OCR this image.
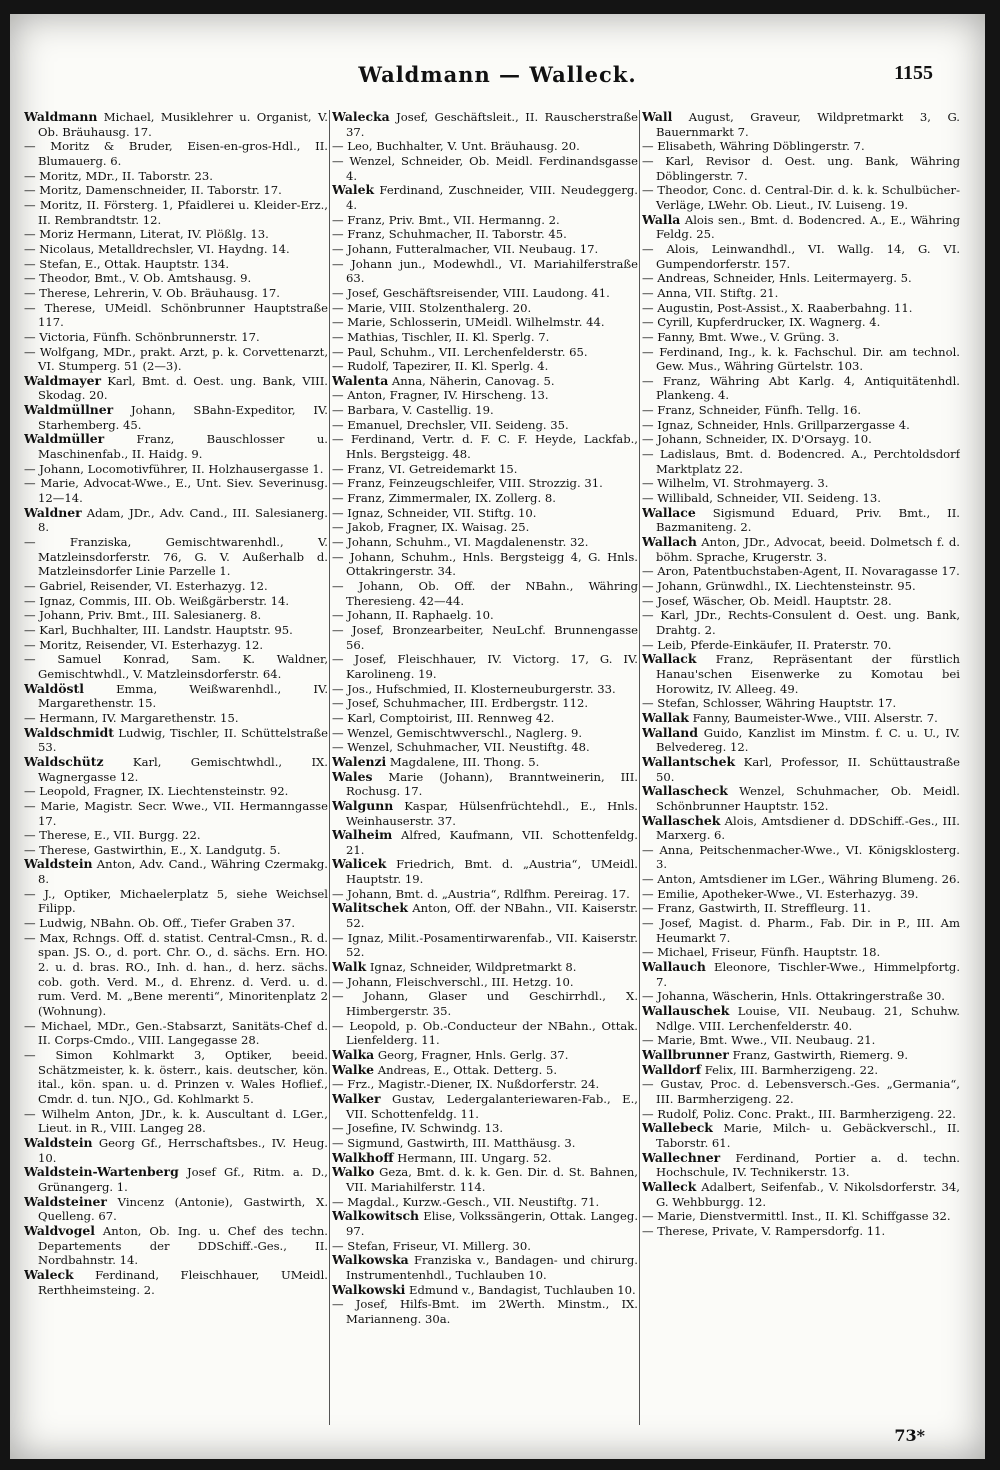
Waldmann — Walleck.	1155

Waldmann Michael, Musiklehrer u. Organist, V. Ob. Bräuhausg. 17.

— Moritz & Bruder, Eisen-en-gros-Hdl., II. Blumauerg. 6.

— Moritz, MDr., II. Taborstr. 23.

— Moritz, Damenschneider, II. Taborstr. 17.

— Moritz, II. Försterg. 1, Pfaidlerei u. Kleider-Erz., II. Rembrandtstr. 12.

— Moriz Hermann, Literat, IV. Plößlg. 13.

— Nicolaus, Metalldrechsler, VI. Haydng. 14.

— Stefan, E., Ottak. Hauptstr. 134.

— Theodor, Bmt., V. Ob. Amtshausg. 9.

— Therese, Lehrerin, V. Ob. Bräuhausg. 17.

— Therese, UMeidl. Schönbrunner Hauptstraße 117.

— Victoria, Fünfh. Schönbrunnerstr. 17.

— Wolfgang, MDr., prakt. Arzt, p. k. Corvettenarzt, VI. Stumperg. 51 (2—3).

Waldmayer Karl, Bmt. d. Oest. ung. Bank, VIII. Skodag. 20.

Waldmüllner Johann, SBahn-Expeditor, IV. Starhemberg. 45.

Waldmüller Franz, Bauschlosser u. Maschinenfab., II. Haidg. 9.

— Johann, Locomotivführer, II. Holzhausergasse 1.

— Marie, Advocat-Wwe., E., Unt. Siev. Severinusg. 12—14.

Waldner Adam, JDr., Adv. Cand., III. Salesianerg. 8.

— Franziska, Gemischtwarenhdl., V. Matzleinsdorferstr. 76, G. V. Außerhalb d. Matzleinsdorfer Linie Parzelle 1.

— Gabriel, Reisender, VI. Esterhazyg. 12.

— Ignaz, Commis, III. Ob. Weißgärberstr. 14.

— Johann, Priv. Bmt., III. Salesianerg. 8.

— Karl, Buchhalter, III. Landstr. Hauptstr. 95.

— Moritz, Reisender, VI. Esterhazyg. 12.

— Samuel Konrad, Sam. K. Waldner, Gemischtwhdl., V. Matzleinsdorferstr. 64.

Waldöstl Emma, Weißwarenhdl., IV. Margarethenstr. 15.

— Hermann, IV. Margarethenstr. 15.

Waldschmidt Ludwig, Tischler, II. Schüttelstraße 53.

Waldschütz Karl, Gemischtwhdl., IX. Wagnergasse 12.

— Leopold, Fragner, IX. Liechtensteinstr. 92.

— Marie, Magistr. Secr. Wwe., VII. Hermanngasse 17.

— Therese, E., VII. Burgg. 22.

— Therese, Gastwirthin, E., X. Landgutg. 5.

Waldstein Anton, Adv. Cand., Währing Czermakg. 8.

— J., Optiker, Michaelerplatz 5, siehe Weichsel Filipp.

— Ludwig, NBahn. Ob. Off., Tiefer Graben 37.

— Max, Rchngs. Off. d. statist. Central-Cmsn., R. d. span. JS. O., d. port. Chr. O., d. sächs. Ern. HO. 2. u. d. bras. RO., Inh. d. han., d. herz. sächs. cob. goth. Verd. M., d. Ehrenz. d. Verd. u. d. rum. Verd. M. „Bene merenti“, Minoritenplatz 2 (Wohnung).

— Michael, MDr., Gen.-Stabsarzt, Sanitäts-Chef d. II. Corps-Cmdo., VIII. Langegasse 28.

— Simon Kohlmarkt 3, Optiker, beeid. Schätzmeister, k. k. österr., kais. deutscher, kön. ital., kön. span. u. d. Prinzen v. Wales Hoflief., Cmdr. d. tun. NJO., Gd. Kohlmarkt 5.

— Wilhelm Anton, JDr., k. k. Auscultant d. LGer., Lieut. in R., VIII. Langeg 28.

Waldstein Georg Gf., Herrschaftsbes., IV. Heug. 10.

Waldstein-Wartenberg Josef Gf., Ritm. a. D., Grünangerg. 1.

Waldsteiner Vincenz (Antonie), Gastwirth, X. Quelleng. 67.

Waldvogel Anton, Ob. Ing. u. Chef des techn. Departements der DDSchiff.-Ges., II. Nordbahnstr. 14.

Waleck Ferdinand, Fleischhauer, UMeidl. Rerthheimsteing. 2.

Walecka Josef, Geschäftsleit., II. Rauscherstraße 37.

— Leo, Buchhalter, V. Unt. Bräuhausg. 20.

— Wenzel, Schneider, Ob. Meidl. Ferdinandsgasse 4.

Walek Ferdinand, Zuschneider, VIII. Neudeggerg. 4.

— Franz, Priv. Bmt., VII. Hermanng. 2.

— Franz, Schuhmacher, II. Taborstr. 45.

— Johann, Futteralmacher, VII. Neubaug. 17.

— Johann jun., Modewhdl., VI. Mariahilferstraße 63.

— Josef, Geschäftsreisender, VIII. Laudong. 41.

— Marie, VIII. Stolzenthalerg. 20.

— Marie, Schlosserin, UMeidl. Wilhelmstr. 44.

— Mathias, Tischler, II. Kl. Sperlg. 7.

— Paul, Schuhm., VII. Lerchenfelderstr. 65.

— Rudolf, Tapezirer, II. Kl. Sperlg. 4.

Walenta Anna, Näherin, Canovag. 5.

— Anton, Fragner, IV. Hirscheng. 13.

— Barbara, V. Castellig. 19.

— Emanuel, Drechsler, VII. Seideng. 35.

— Ferdinand, Vertr. d. F. C. F. Heyde, Lackfab., Hnls. Bergsteigg. 48.

— Franz, VI. Getreidemarkt 15.

— Franz, Feinzeugschleifer, VIII. Strozzig. 31.

— Franz, Zimmermaler, IX. Zollerg. 8.

— Ignaz, Schneider, VII. Stiftg. 10.

— Jakob, Fragner, IX. Waisag. 25.

— Johann, Schuhm., VI. Magdalenenstr. 32.

— Johann, Schuhm., Hnls. Bergsteigg 4, G. Hnls. Ottakringerstr. 34.

— Johann, Ob. Off. der NBahn., Währing Theresieng. 42—44.

— Johann, II. Raphaelg. 10.

— Josef, Bronzearbeiter, NeuLchf. Brunnengasse 56.

— Josef, Fleischhauer, IV. Victorg. 17, G. IV. Karolineng. 19.

— Jos., Hufschmied, II. Klosterneuburgerstr. 33.

— Josef, Schuhmacher, III. Erdbergstr. 112.

— Karl, Comptoirist, III. Rennweg 42.

— Wenzel, Gemischtwverschl., Naglerg. 9.

— Wenzel, Schuhmacher, VII. Neustiftg. 48.

Walenzi Magdalene, III. Thong. 5.

Wales Marie (Johann), Branntweinerin, III. Rochusg. 17.

Walgunn Kaspar, Hülsenfrüchtehdl., E., Hnls. Weinhauserstr. 37.

Walheim Alfred, Kaufmann, VII. Schottenfeldg. 21.

Walicek Friedrich, Bmt. d. „Austria“, UMeidl. Hauptstr. 19.

— Johann, Bmt. d. „Austria“, Rdlfhm. Pereirag. 17.

Walitschek Anton, Off. der NBahn., VII. Kaiserstr. 52.

— Ignaz, Milit.-Posamentirwarenfab., VII. Kaiserstr. 52.

Walk Ignaz, Schneider, Wildpretmarkt 8.

— Johann, Fleischverschl., III. Hetzg. 10.

— Johann, Glaser und Geschirrhdl., X. Himbergerstr. 35.

— Leopold, p. Ob.-Conducteur der NBahn., Ottak. Lienfelderg. 11.

Walka Georg, Fragner, Hnls. Gerlg. 37.

Walke Andreas, E., Ottak. Detterg. 5.

— Frz., Magistr.-Diener, IX. Nußdorferstr. 24.

Walker Gustav, Ledergalanteriewaren-Fab., E., VII. Schottenfeldg. 11.

— Josefine, IV. Schwindg. 13.

— Sigmund, Gastwirth, III. Matthäusg. 3.

Walkhoff Hermann, III. Ungarg. 52.

Walko Geza, Bmt. d. k. k. Gen. Dir. d. St. Bahnen, VII. Mariahilferstr. 114.

— Magdal., Kurzw.-Gesch., VII. Neustiftg. 71.

Walkowitsch Elise, Volkssängerin, Ottak. Langeg. 97.

— Stefan, Friseur, VI. Millerg. 30.

Walkowska Franziska v., Bandagen- und chirurg. Instrumentenhdl., Tuchlauben 10.

Walkowski Edmund v., Bandagist, Tuchlauben 10.

— Josef, Hilfs-Bmt. im 2Werth. Minstm., IX. Marianneng. 30a.

Wall August, Graveur, Wildpretmarkt 3, G. Bauernmarkt 7.

— Elisabeth, Währing Döblingerstr. 7.

— Karl, Revisor d. Oest. ung. Bank, Währing Döblingerstr. 7.

— Theodor, Conc. d. Central-Dir. d. k. k. Schulbücher-Verläge, LWehr. Ob. Lieut., IV. Luiseng. 19.

Walla Alois sen., Bmt. d. Bodencred. A., E., Währing Feldg. 25.

— Alois, Leinwandhdl., VI. Wallg. 14, G. VI. Gumpendorferstr. 157.

— Andreas, Schneider, Hnls. Leitermayerg. 5.

— Anna, VII. Stiftg. 21.

— Augustin, Post-Assist., X. Raaberbahng. 11.

— Cyrill, Kupferdrucker, IX. Wagnerg. 4.

— Fanny, Bmt. Wwe., V. Grüng. 3.

— Ferdinand, Ing., k. k. Fachschul. Dir. am technol. Gew. Mus., Währing Gürtelstr. 103.

— Franz, Währing Abt Karlg. 4, Antiquitätenhdl. Plankeng. 4.

— Franz, Schneider, Fünfh. Tellg. 16.

— Ignaz, Schneider, Hnls. Grillparzergasse 4.

— Johann, Schneider, IX. D'Orsayg. 10.

— Ladislaus, Bmt. d. Bodencred. A., Perchtoldsdorf Marktplatz 22.

— Wilhelm, VI. Strohmayerg. 3.

— Willibald, Schneider, VII. Seideng. 13.

Wallace Sigismund Eduard, Priv. Bmt., II. Bazmaniteng. 2.

Wallach Anton, JDr., Advocat, beeid. Dolmetsch f. d. böhm. Sprache, Krugerstr. 3.

— Aron, Patentbuchstaben-Agent, II. Novaragasse 17.

— Johann, Grünwdhl., IX. Liechtensteinstr. 95.

— Josef, Wäscher, Ob. Meidl. Hauptstr. 28.

— Karl, JDr., Rechts-Consulent d. Oest. ung. Bank, Drahtg. 2.

— Leib, Pferde-Einkäufer, II. Praterstr. 70.

Wallack Franz, Repräsentant der fürstlich Hanau'schen Eisenwerke zu Komotau bei Horowitz, IV. Alleeg. 49.

— Stefan, Schlosser, Währing Hauptstr. 17.

Wallak Fanny, Baumeister-Wwe., VIII. Alserstr. 7.

Walland Guido, Kanzlist im Minstm. f. C. u. U., IV. Belvedereg. 12.

Wallantschek Karl, Professor, II. Schüttaustraße 50.

Wallascheck Wenzel, Schuhmacher, Ob. Meidl. Schönbrunner Hauptstr. 152.

Wallaschek Alois, Amtsdiener d. DDSchiff.-Ges., III. Marxerg. 6.

— Anna, Peitschenmacher-Wwe., VI. Königsklosterg. 3.

— Anton, Amtsdiener im LGer., Währing Blumeng. 26.

— Emilie, Apotheker-Wwe., VI. Esterhazyg. 39.

— Franz, Gastwirth, II. Streffleurg. 11.

— Josef, Magist. d. Pharm., Fab. Dir. in P., III. Am Heumarkt 7.

— Michael, Friseur, Fünfh. Hauptstr. 18.

Wallauch Eleonore, Tischler-Wwe., Himmelpfortg. 7.

— Johanna, Wäscherin, Hnls. Ottakringerstraße 30.

Wallauschek Louise, VII. Neubaug. 21, Schuhw. Ndlge. VIII. Lerchenfelderstr. 40.

— Marie, Bmt. Wwe., VII. Neubaug. 21.

Wallbrunner Franz, Gastwirth, Riemerg. 9.

Walldorf Felix, III. Barmherzigeng. 22.

— Gustav, Proc. d. Lebensversch.-Ges. „Germania“, III. Barmherzigeng. 22.

— Rudolf, Poliz. Conc. Prakt., III. Barmherzigeng. 22.

Wallebeck Marie, Milch- u. Gebäckverschl., II. Taborstr. 61.

Wallechner Ferdinand, Portier a. d. techn. Hochschule, IV. Technikerstr. 13.

Walleck Adalbert, Seifenfab., V. Nikolsdorferstr. 34, G. Wehbburgg. 12.

— Marie, Dienstvermittl. Inst., II. Kl. Schiffgasse 32.

— Therese, Private, V. Rampersdorfg. 11.

73*
